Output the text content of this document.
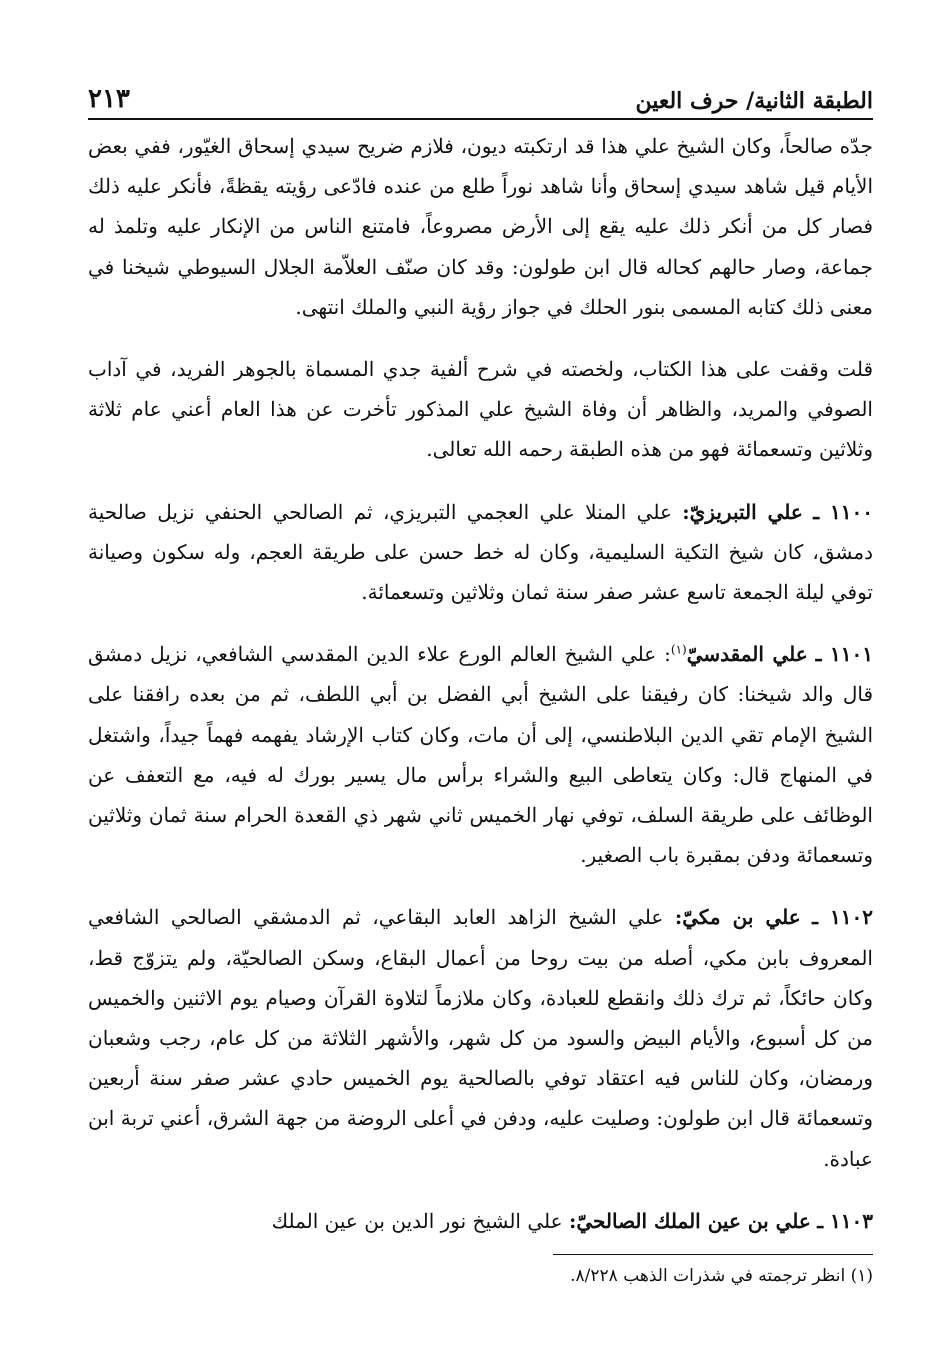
الطبقة الثانية/ حرف العين
٢١٣

جدّه صالحاً، وكان الشيخ علي هذا قد ارتكبته ديون، فلازم ضريح سيدي إسحاق الغيّور، ففي بعض الأيام قيل شاهد سيدي إسحاق وأنا شاهد نوراً طلع من عنده فادّعى رؤيته يقظةً، فأنكر عليه ذلك فصار كل من أنكر ذلك عليه يقع إلى الأرض مصروعاً، فامتنع الناس من الإنكار عليه وتلمذ له جماعة، وصار حالهم كحاله قال ابن طولون: وقد كان صنّف العلاّمة الجلال السيوطي شيخنا في معنى ذلك كتابه المسمى بنور الحلك في جواز رؤية النبي والملك انتهى.

قلت وقفت على هذا الكتاب، ولخصته في شرح ألفية جدي المسماة بالجوهر الفريد، في آداب الصوفي والمريد، والظاهر أن وفاة الشيخ علي المذكور تأخرت عن هذا العام أعني عام ثلاثة وثلاثين وتسعمائة فهو من هذه الطبقة رحمه الله تعالى.

١١٠٠ ـ علي التبريزيّ: علي المنلا علي العجمي التبريزي، ثم الصالحي الحنفي نزيل صالحية دمشق، كان شيخ التكية السليمية، وكان له خط حسن على طريقة العجم، وله سكون وصيانة توفي ليلة الجمعة تاسع عشر صفر سنة ثمان وثلاثين وتسعمائة.

١١٠١ ـ علي المقدسيّ$^{(١)}$: علي الشيخ العالم الورع علاء الدين المقدسي الشافعي، نزيل دمشق قال والد شيخنا: كان رفيقنا على الشيخ أبي الفضل بن أبي اللطف، ثم من بعده رافقنا على الشيخ الإمام تقي الدين البلاطنسي، إلى أن مات، وكان كتاب الإرشاد يفهمه فهماً جيداً، واشتغل في المنهاج قال: وكان يتعاطى البيع والشراء برأس مال يسير بورك له فيه، مع التعفف عن الوظائف على طريقة السلف، توفي نهار الخميس ثاني شهر ذي القعدة الحرام سنة ثمان وثلاثين وتسعمائة ودفن بمقبرة باب الصغير.

١١٠٢ ـ علي بن مكيّ: علي الشيخ الزاهد العابد البقاعي، ثم الدمشقي الصالحي الشافعي المعروف بابن مكي، أصله من بيت روحا من أعمال البقاع، وسكن الصالحيّة، ولم يتزوّج قط، وكان حائكاً، ثم ترك ذلك وانقطع للعبادة، وكان ملازماً لتلاوة القرآن وصيام يوم الاثنين والخميس من كل أسبوع، والأيام البيض والسود من كل شهر، والأشهر الثلاثة من كل عام، رجب وشعبان ورمضان، وكان للناس فيه اعتقاد توفي بالصالحية يوم الخميس حادي عشر صفر سنة أربعين وتسعمائة قال ابن طولون: وصليت عليه، ودفن في أعلى الروضة من جهة الشرق، أعني تربة ابن عبادة.

١١٠٣ ـ علي بن عين الملك الصالحيّ: علي الشيخ نور الدين بن عين الملك

(١) انظر ترجمته في شذرات الذهب ٨/٢٢٨.
